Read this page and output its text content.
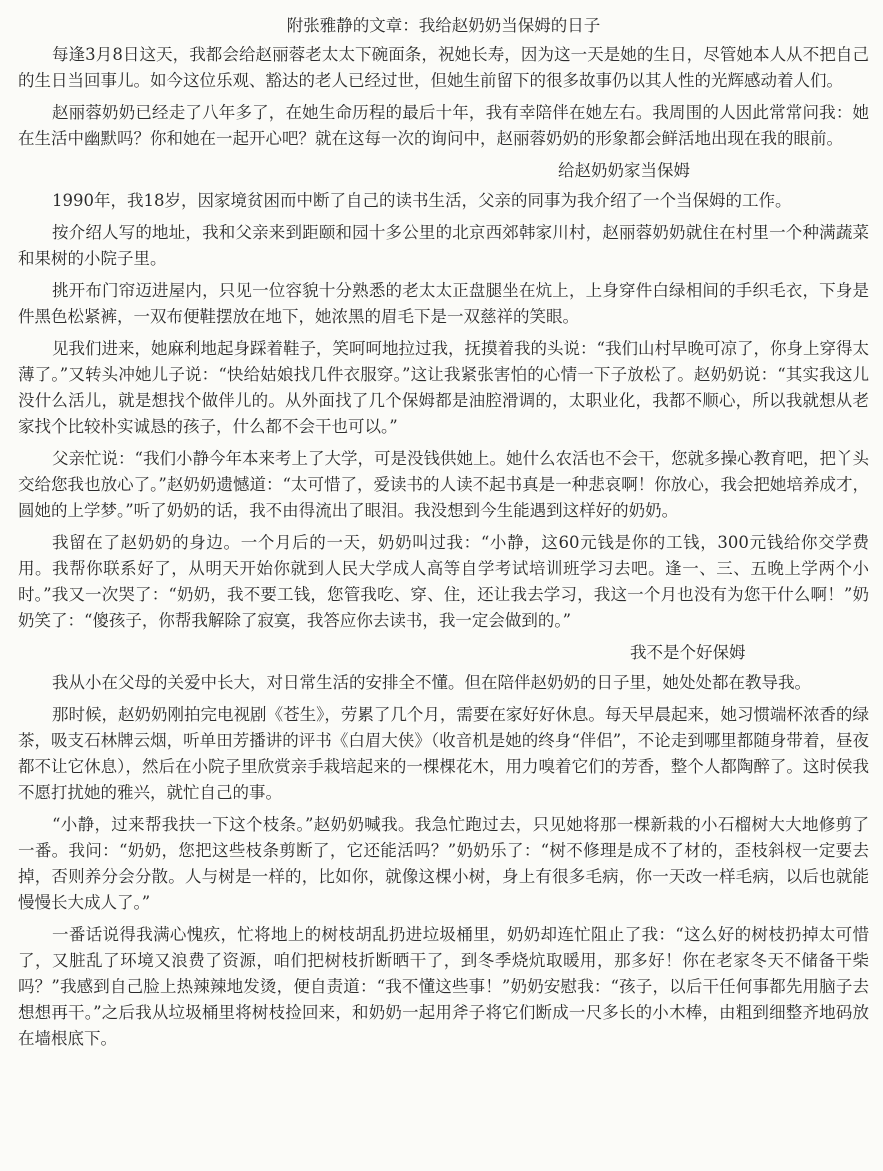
附张雅静的文章：我给赵奶奶当保姆的日子

每逢3月8日这天，我都会给赵丽蓉老太太下碗面条，祝她长寿，因为这一天是她的生日，尽管她本人从不把自己的生日当回事儿。如今这位乐观、豁达的老人已经过世，但她生前留下的很多故事仍以其人性的光辉感动着人们。

赵丽蓉奶奶已经走了八年多了，在她生命历程的最后十年，我有幸陪伴在她左右。我周围的人因此常常问我：她在生活中幽默吗？你和她在一起开心吧？就在这每一次的询问中，赵丽蓉奶奶的形象都会鲜活地出现在我的眼前。

给赵奶奶家当保姆

1990年，我18岁，因家境贫困而中断了自己的读书生活，父亲的同事为我介绍了一个当保姆的工作。

按介绍人写的地址，我和父亲来到距颐和园十多公里的北京西郊韩家川村，赵丽蓉奶奶就住在村里一个种满蔬菜和果树的小院子里。

挑开布门帘迈进屋内，只见一位容貌十分熟悉的老太太正盘腿坐在炕上，上身穿件白绿相间的手织毛衣，下身是件黑色松紧裤，一双布便鞋摆放在地下，她浓黑的眉毛下是一双慈祥的笑眼。

见我们进来，她麻利地起身踩着鞋子，笑呵呵地拉过我，抚摸着我的头说：“我们山村早晚可凉了，你身上穿得太薄了。”又转头冲她儿子说：“快给姑娘找几件衣服穿。”这让我紧张害怕的心情一下子放松了。赵奶奶说：“其实我这儿没什么活儿，就是想找个做伴儿的。从外面找了几个保姆都是油腔滑调的，太职业化，我都不顺心，所以我就想从老家找个比较朴实诚恳的孩子，什么都不会干也可以。”

父亲忙说：“我们小静今年本来考上了大学，可是没钱供她上。她什么农活也不会干，您就多操心教育吧，把丫头交给您我也放心了。”赵奶奶遗憾道：“太可惜了，爱读书的人读不起书真是一种悲哀啊！你放心，我会把她培养成才，圆她的上学梦。”听了奶奶的话，我不由得流出了眼泪。我没想到今生能遇到这样好的奶奶。

我留在了赵奶奶的身边。一个月后的一天，奶奶叫过我：“小静，这60元钱是你的工钱，300元钱给你交学费用。我帮你联系好了，从明天开始你就到人民大学成人高等自学考试培训班学习去吧。逢一、三、五晚上学两个小时。”我又一次哭了：“奶奶，我不要工钱，您管我吃、穿、住，还让我去学习，我这一个月也没有为您干什么啊！”奶奶笑了：“傻孩子，你帮我解除了寂寞，我答应你去读书，我一定会做到的。”

我不是个好保姆

我从小在父母的关爱中长大，对日常生活的安排全不懂。但在陪伴赵奶奶的日子里，她处处都在教导我。

那时候，赵奶奶刚拍完电视剧《苍生》，劳累了几个月，需要在家好好休息。每天早晨起来，她习惯端杯浓香的绿茶，吸支石林牌云烟，听单田芳播讲的评书《白眉大侠》（收音机是她的终身“伴侣”，不论走到哪里都随身带着，昼夜都不让它休息），然后在小院子里欣赏亲手栽培起来的一棵棵花木，用力嗅着它们的芳香，整个人都陶醉了。这时侯我不愿打扰她的雅兴，就忙自己的事。

“小静，过来帮我扶一下这个枝条。”赵奶奶喊我。我急忙跑过去，只见她将那一棵新栽的小石榴树大大地修剪了一番。我问：“奶奶，您把这些枝条剪断了，它还能活吗？”奶奶乐了：“树不修理是成不了材的，歪枝斜杈一定要去掉，否则养分会分散。人与树是一样的，比如你，就像这棵小树，身上有很多毛病，你一天改一样毛病，以后也就能慢慢长大成人了。”

一番话说得我满心愧疚，忙将地上的树枝胡乱扔进垃圾桶里，奶奶却连忙阻止了我：“这么好的树枝扔掉太可惜了，又脏乱了环境又浪费了资源，咱们把树枝折断晒干了，到冬季烧炕取暖用，那多好！你在老家冬天不储备干柴吗？”我感到自己脸上热辣辣地发烫，便自责道：“我不懂这些事！”奶奶安慰我：“孩子，以后干任何事都先用脑子去想想再干。”之后我从垃圾桶里将树枝捡回来，和奶奶一起用斧子将它们断成一尺多长的小木棒，由粗到细整齐地码放在墙根底下。
